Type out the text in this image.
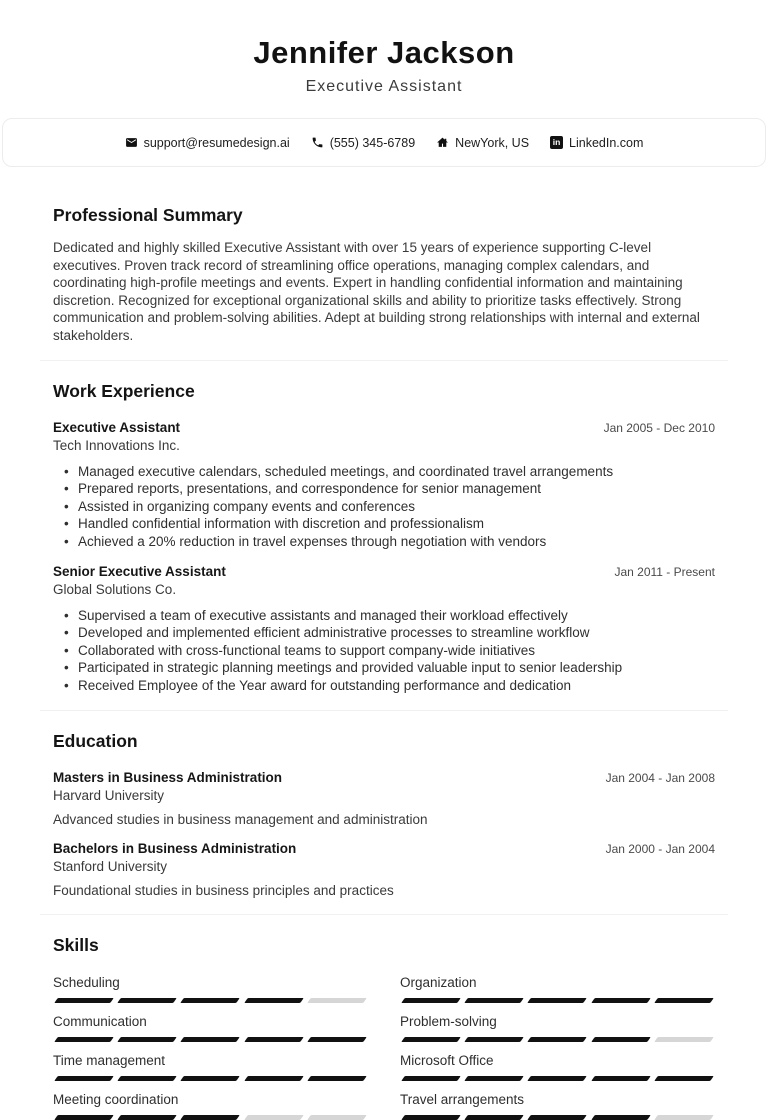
Jennifer Jackson
Executive Assistant
support@resumedesign.ai	(555) 345-6789	NewYork, US	in LinkedIn.com
Professional Summary

Dedicated and highly skilled Executive Assistant with over 15 years of experience supporting C-level executives. Proven track record of streamlining office operations, managing complex calendars, and coordinating high-profile meetings and events. Expert in handling confidential information and maintaining discretion. Recognized for exceptional organizational skills and ability to prioritize tasks effectively. Strong communication and problem-solving abilities. Adept at building strong relationships with internal and external stakeholders.

Work Experience
Executive Assistant
Tech Innovations Inc.
Jan 2005 - Dec 2010
• Managed executive calendars, scheduled meetings, and coordinated travel arrangements
• Prepared reports, presentations, and correspondence for senior management
• Assisted in organizing company events and conferences
• Handled confidential information with discretion and professionalism
• Achieved a 20% reduction in travel expenses through negotiation with vendors
Senior Executive Assistant
Global Solutions Co.
Jan 2011 - Present
• Supervised a team of executive assistants and managed their workload effectively
• Developed and implemented efficient administrative processes to streamline workflow
• Collaborated with cross-functional teams to support company-wide initiatives
• Participated in strategic planning meetings and provided valuable input to senior leadership
• Received Employee of the Year award for outstanding performance and dedication
Education
Masters in Business Administration
Harvard University
Jan 2004 - Jan 2008
Advanced studies in business management and administration
Bachelors in Business Administration
Stanford University
Jan 2000 - Jan 2004
Foundational studies in business principles and practices
Skills
Scheduling
Communication
Time management
Meeting coordination
Organization
Problem-solving
Microsoft Office
Travel arrangements
